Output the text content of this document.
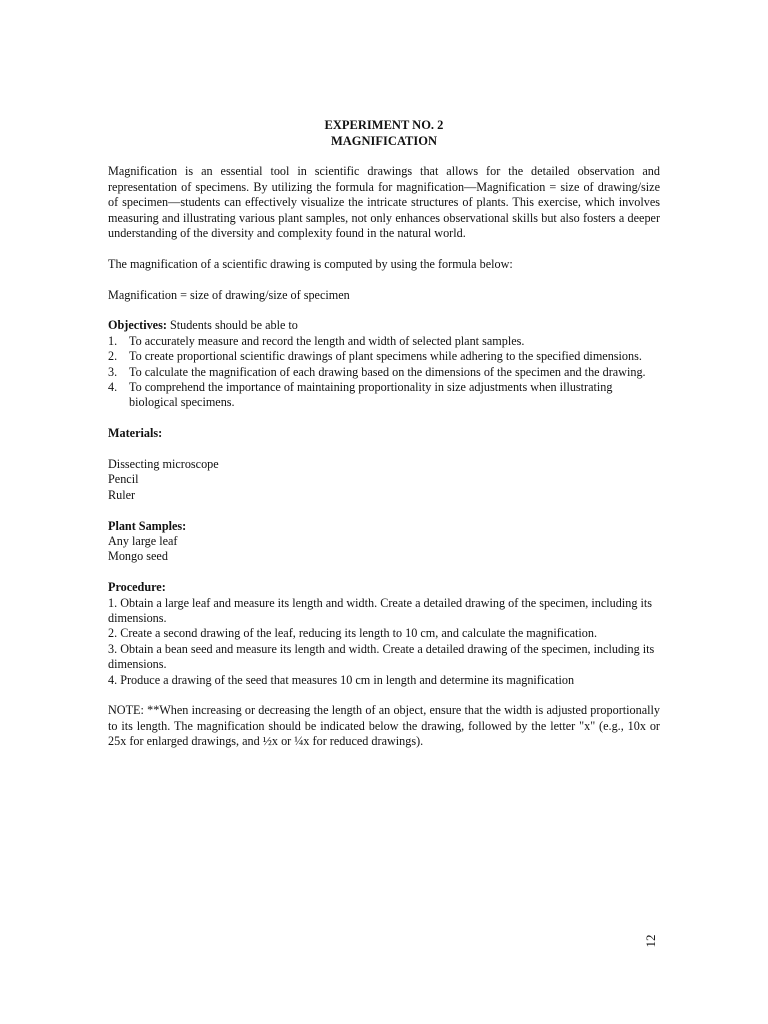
EXPERIMENT NO. 2
MAGNIFICATION

Magnification is an essential tool in scientific drawings that allows for the detailed observation and representation of specimens. By utilizing the formula for magnification—Magnification = size of drawing/size of specimen—students can effectively visualize the intricate structures of plants. This exercise, which involves measuring and illustrating various plant samples, not only enhances observational skills but also fosters a deeper understanding of the diversity and complexity found in the natural world.

The magnification of a scientific drawing is computed by using the formula below:

Magnification = size of drawing/size of specimen

Objectives: Students should be able to

1. To accurately measure and record the length and width of selected plant samples.
2. To create proportional scientific drawings of plant specimens while adhering to the specified dimensions.
3. To calculate the magnification of each drawing based on the dimensions of the specimen and the drawing.
4. To comprehend the importance of maintaining proportionality in size adjustments when illustrating biological specimens.

Materials:

Dissecting microscope

Pencil

Ruler

Plant Samples:

Any large leaf

Mongo seed

Procedure:

1. Obtain a large leaf and measure its length and width. Create a detailed drawing of the specimen, including its dimensions.

2. Create a second drawing of the leaf, reducing its length to 10 cm, and calculate the magnification.

3. Obtain a bean seed and measure its length and width. Create a detailed drawing of the specimen, including its dimensions.

4. Produce a drawing of the seed that measures 10 cm in length and determine its magnification

NOTE: **When increasing or decreasing the length of an object, ensure that the width is adjusted proportionally to its length. The magnification should be indicated below the drawing, followed by the letter "x" (e.g., 10x or 25x for enlarged drawings, and ½x or ¼x for reduced drawings).

12
